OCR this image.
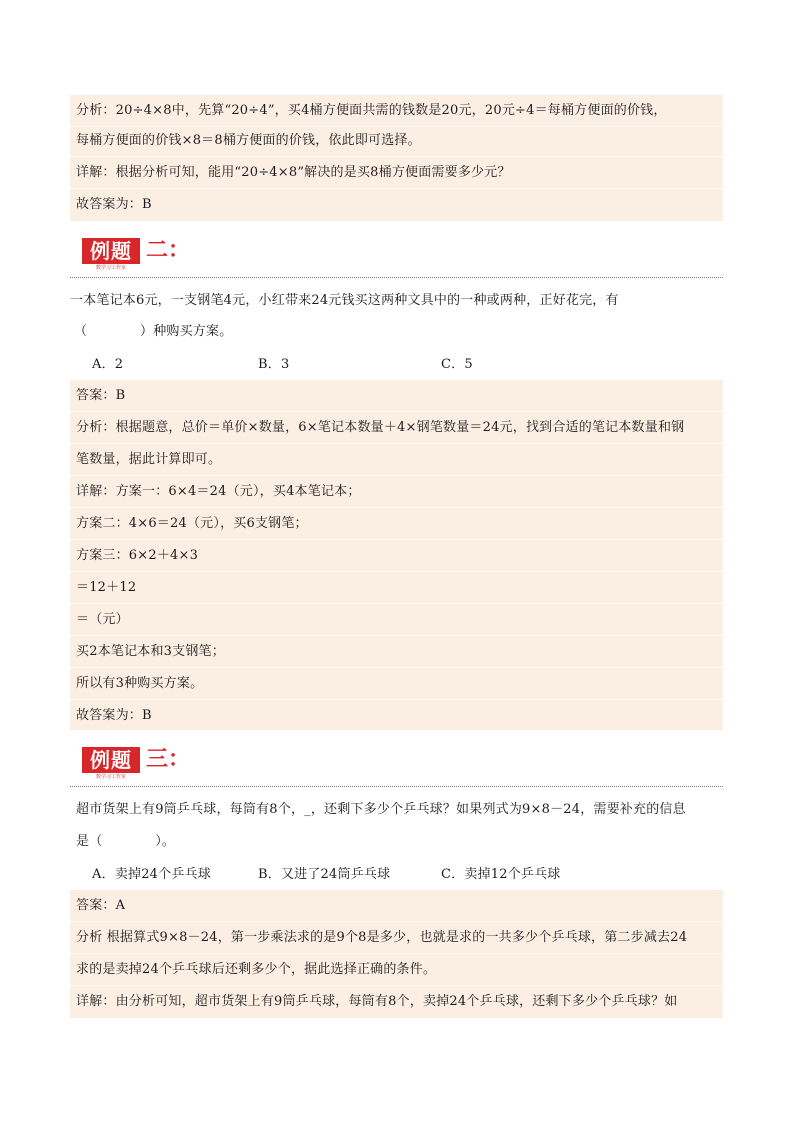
分析：20÷4×8中，先算“20÷4”，买4桶方便面共需的钱数是20元，20元÷4＝每桶方便面的价钱，
每桶方便面的价钱×8＝8桶方便面的价钱，依此即可选择。
详解：根据分析可知，能用“20÷4×8”解决的是买8桶方便面需要多少元？
故答案为：B
例题
数学习工作室
二：
一本笔记本6元，一支钢笔4元，小红带来24元钱买这两种文具中的一种或两种，正好花完，有
（　　　　）种购买方案。
A．2	B．3	C．5
答案：B
分析：根据题意，总价＝单价×数量，6×笔记本数量＋4×钢笔数量＝24元，找到合适的笔记本数量和钢
笔数量，据此计算即可。
详解：方案一：6×4＝24（元），买4本笔记本；
方案二：4×6＝24（元），买6支钢笔；
方案三：6×2＋4×3
＝12＋12
＝（元）
买2本笔记本和3支钢笔；
所以有3种购买方案。
故答案为：B
例题
数学习工作室
三：
超市货架上有9筒乒乓球，每筒有8个，_，还剩下多少个乒乓球？如果列式为9×8－24，需要补充的信息
是（　　　　）。
A．卖掉24个乒乓球	B．又进了24筒乒乓球	C．卖掉12个乒乓球
答案：A
分析 根据算式9×8－24，第一步乘法求的是9个8是多少，也就是求的一共多少个乒乓球，第二步减去24
求的是卖掉24个乒乓球后还剩多少个，据此选择正确的条件。
详解：由分析可知，超市货架上有9筒乒乓球，每筒有8个，卖掉24个乒乓球，还剩下多少个乒乓球？如
